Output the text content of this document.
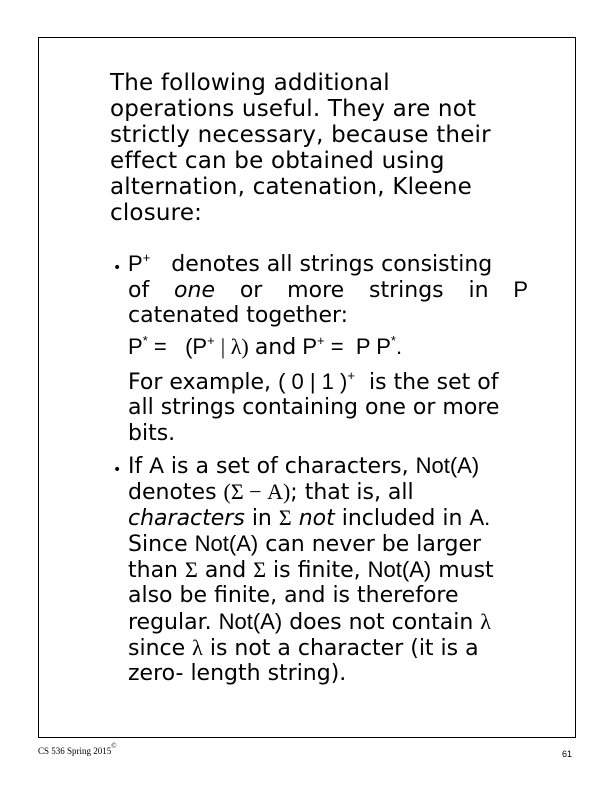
The following additional
operations useful. They are not
strictly necessary, because their
effect can be obtained using
alternation, catenation, Kleene
closure:
• P+ denotes all strings consisting
of one or more strings in P
catenated together:
P* = (P+ | λ) and P+ = P P*.
For example, ( 0 | 1 )+ is the set of
all strings containing one or more
bits.
• If A is a set of characters, Not(A)
denotes (Σ − A); that is, all
characters in Σ not included in A.
Since Not(A) can never be larger
than Σ and Σ is finite, Not(A) must
also be finite, and is therefore
regular. Not(A) does not contain λ
since λ is not a character (it is a
zero- length string).
CS 536 Spring 2015©
61
